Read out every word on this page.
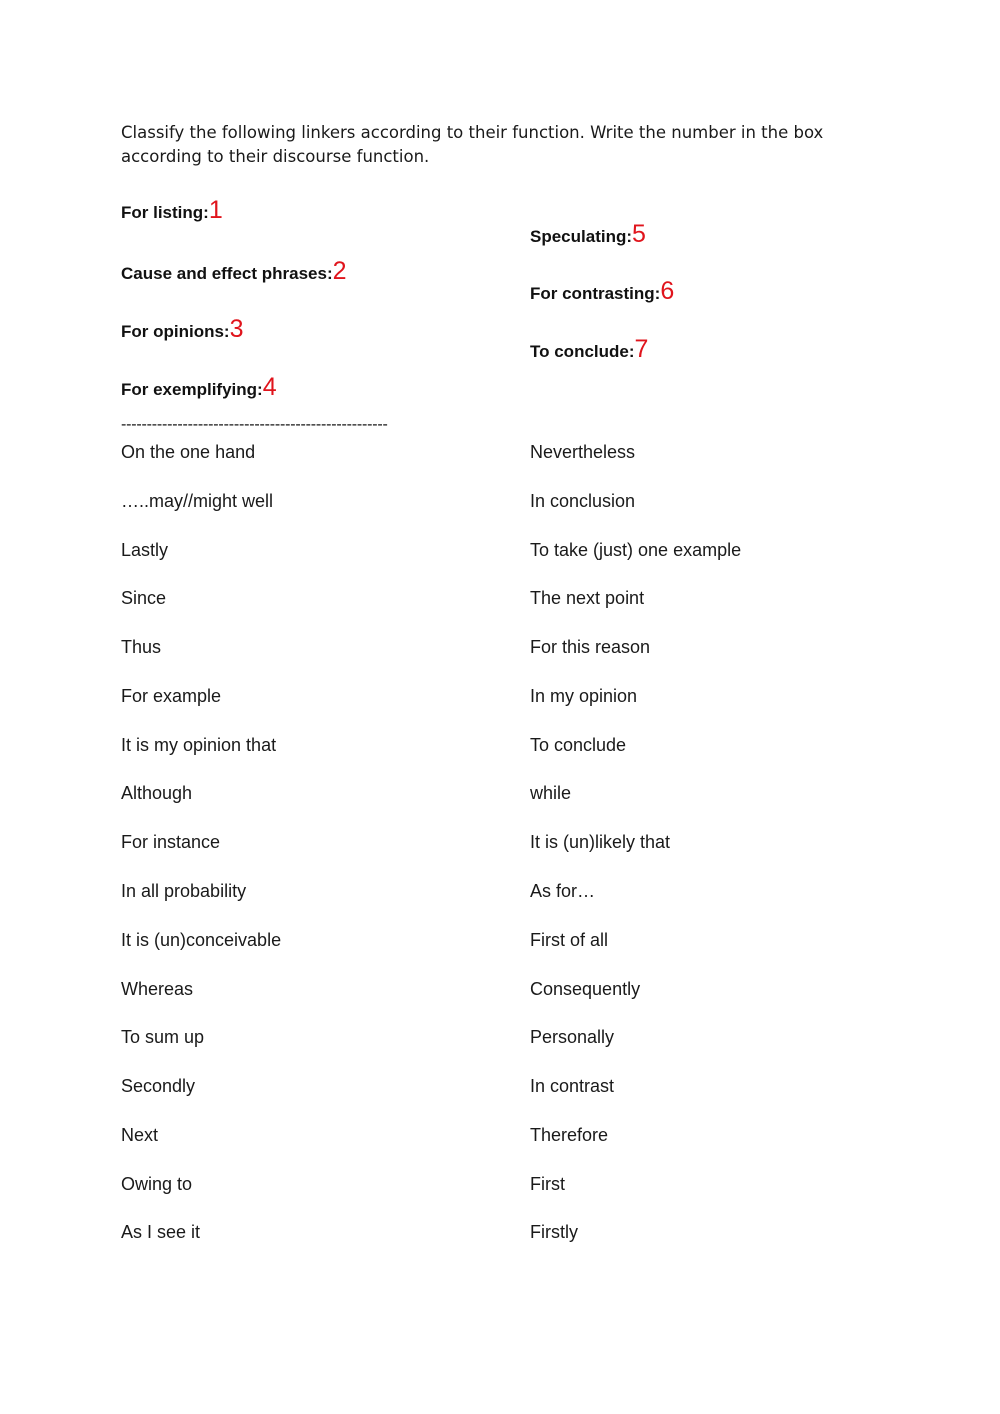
Classify the following linkers according to their function. Write the number in the box according to their discourse function.

For listing:1
Cause and effect phrases:2
For opinions:3
For exemplifying:4
Speculating:5
For contrasting:6
To conclude:7
----------------------------------------------------
On the one hand
…..may//might well
Lastly
Since
Thus
For example
It is my opinion that
Although
For instance
In all probability
It is (un)conceivable
Whereas
To sum up
Secondly
Next
Owing to
As I see it
Nevertheless
In conclusion
To take (just) one example
The next point
For this reason
In my opinion
To conclude
while
It is (un)likely that
As for…
First of all
Consequently
Personally
In contrast
Therefore
First
Firstly
